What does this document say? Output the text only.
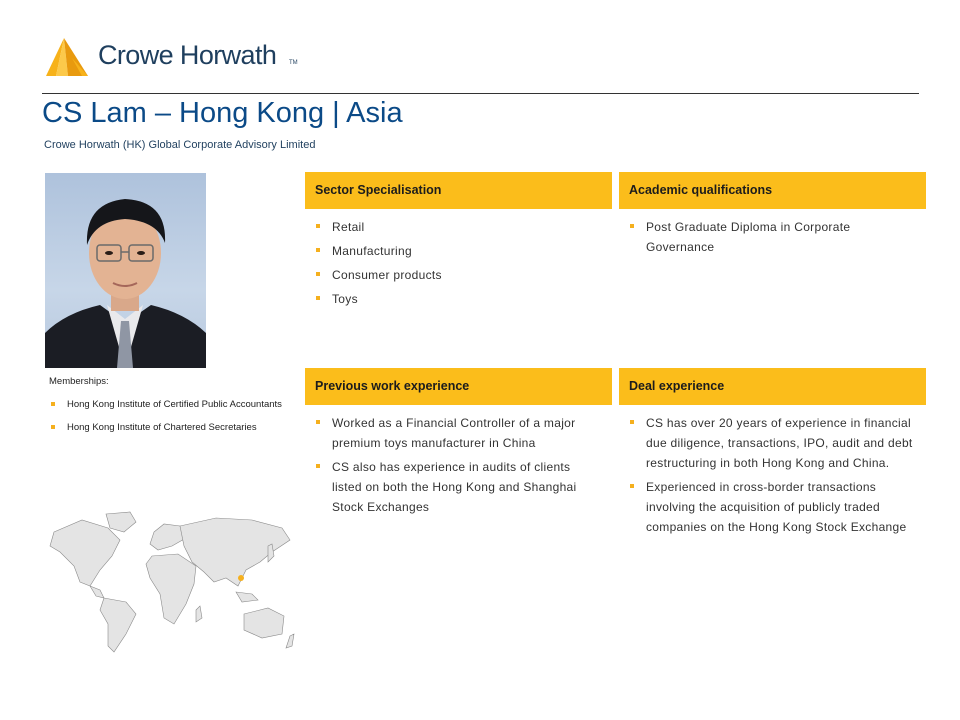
Crowe Horwath TM
CS Lam – Hong Kong | Asia
Crowe Horwath (HK) Global Corporate Advisory Limited
Memberships:
Hong Kong Institute of Certified Public Accountants
Hong Kong Institute of Chartered Secretaries
Sector Specialisation
Retail
Manufacturing
Consumer products
Toys
Academic qualifications
Post Graduate Diploma in Corporate Governance
Previous work experience
Worked as a Financial Controller of a major premium toys manufacturer in China
CS also has experience in audits of clients listed on both the Hong Kong and Shanghai Stock Exchanges
Deal experience
CS has over 20 years of experience in financial due diligence, transactions, IPO, audit and debt restructuring in both Hong Kong and China.
Experienced in cross-border transactions involving the acquisition of publicly traded companies on the Hong Kong Stock Exchange
